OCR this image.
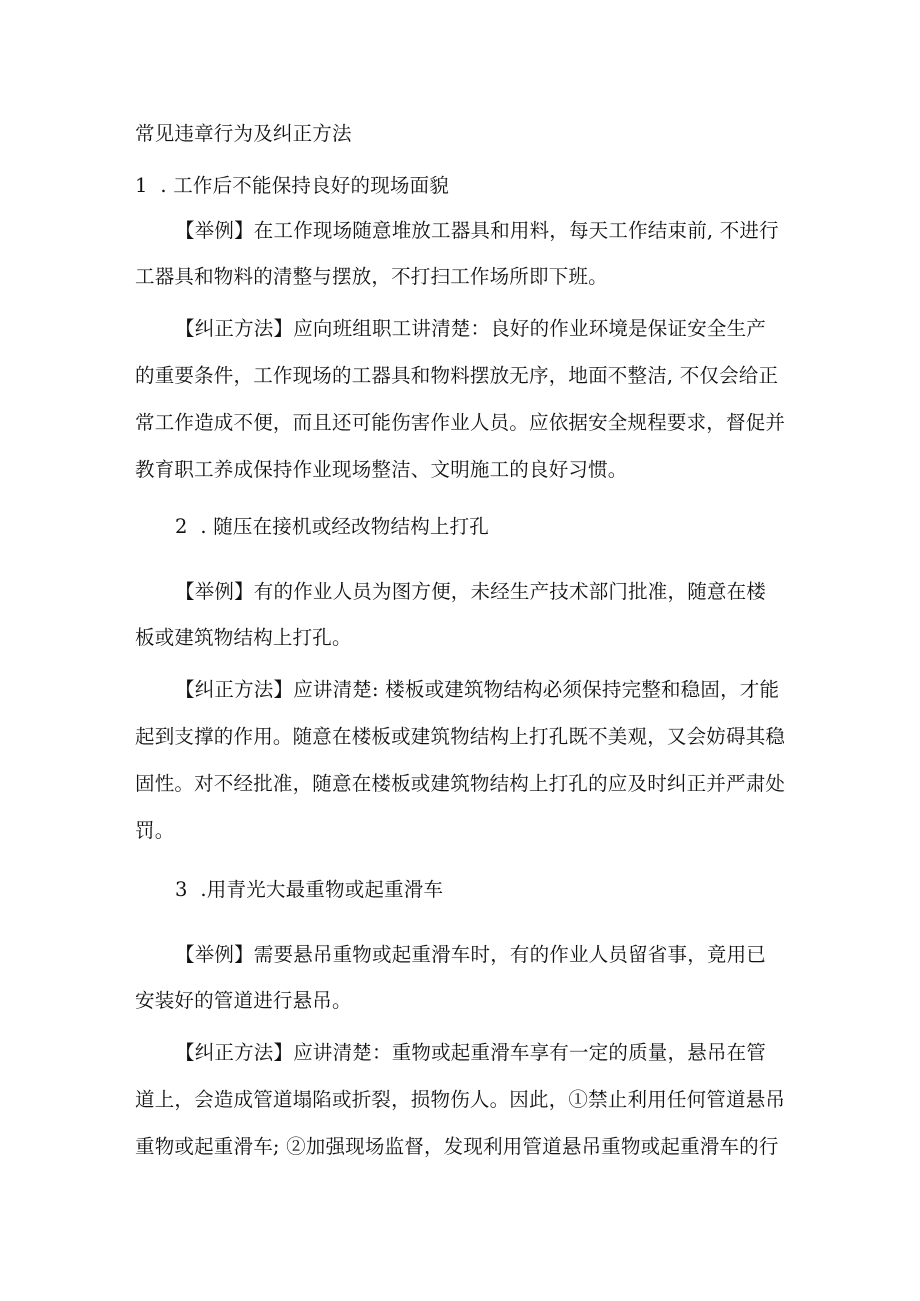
常见违章行为及纠正方法
1  . 工作后不能保持良好的现场面貌
【举例】在工作现场随意堆放工器具和用料，每天工作结束前, 不进行
工器具和物料的清整与摆放，不打扫工作场所即下班。
【纠正方法】应向班组职工讲清楚：良好的作业环境是保证安全生产
的重要条件，工作现场的工器具和物料摆放无序，地面不整洁, 不仅会给正
常工作造成不便，而且还可能伤害作业人员。应依据安全规程要求，督促并
教育职工养成保持作业现场整洁、文明施工的良好习惯。
2  . 随压在接机或经改物结构上打孔
【举例】有的作业人员为图方便，未经生产技术部门批准，随意在楼
板或建筑物结构上打孔。
【纠正方法】应讲清楚: 楼板或建筑物结构必须保持完整和稳固，才能
起到支撑的作用。随意在楼板或建筑物结构上打孔既不美观，又会妨碍其稳
固性。对不经批准，随意在楼板或建筑物结构上打孔的应及时纠正并严肃处
罚。
3  .用青光大最重物或起重滑车
【举例】需要悬吊重物或起重滑车时，有的作业人员留省事，竟用已
安装好的管道进行悬吊。
【纠正方法】应讲清楚：重物或起重滑车享有一定的质量，悬吊在管
道上，会造成管道塌陷或折裂，损物伤人。因此，①禁止利用任何管道悬吊
重物或起重滑车; ②加强现场监督，发现利用管道悬吊重物或起重滑车的行
